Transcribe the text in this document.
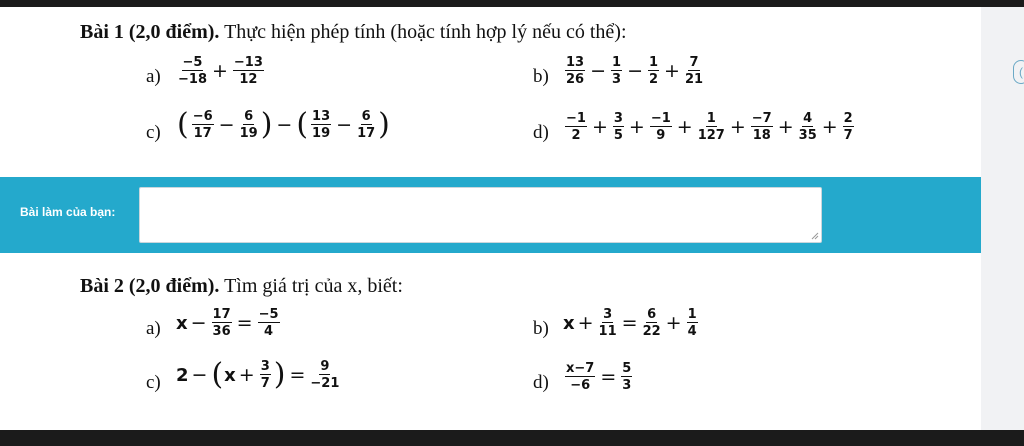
(
Bài 1 (2,0 điểm). Thực hiện phép tính (hoặc tính hợp lý nếu có thể):
$a) \frac{-5}{-18} + \frac{-13}{12}$	$b) \frac{13}{26} - \frac{1}{3} - \frac{1}{2} + \frac{7}{21}$
c) ( $\frac{-6}{17} - \frac{6}{19}$ ) − ( $\frac{13}{19} - \frac{6}{17}$ )	$d) \frac{-1}{2} + \frac{3}{5} + \frac{-1}{9} + \frac{1}{127} + \frac{-7}{18} + \frac{4}{35} + \frac{2}{7}$
Bài làm của bạn:
Bài 2 (2,0 điểm). Tìm giá trị của x, biết:
a) $x - \frac{17}{36} = \frac{-5}{4}$	b) $x + \frac{3}{11} = \frac{6}{22} + \frac{1}{4}$
c) 2 − ( $x + \frac{3}{7}$ ) = $\frac{9}{-21}$	$d) \frac{x-7}{-6} = \frac{5}{3}$
